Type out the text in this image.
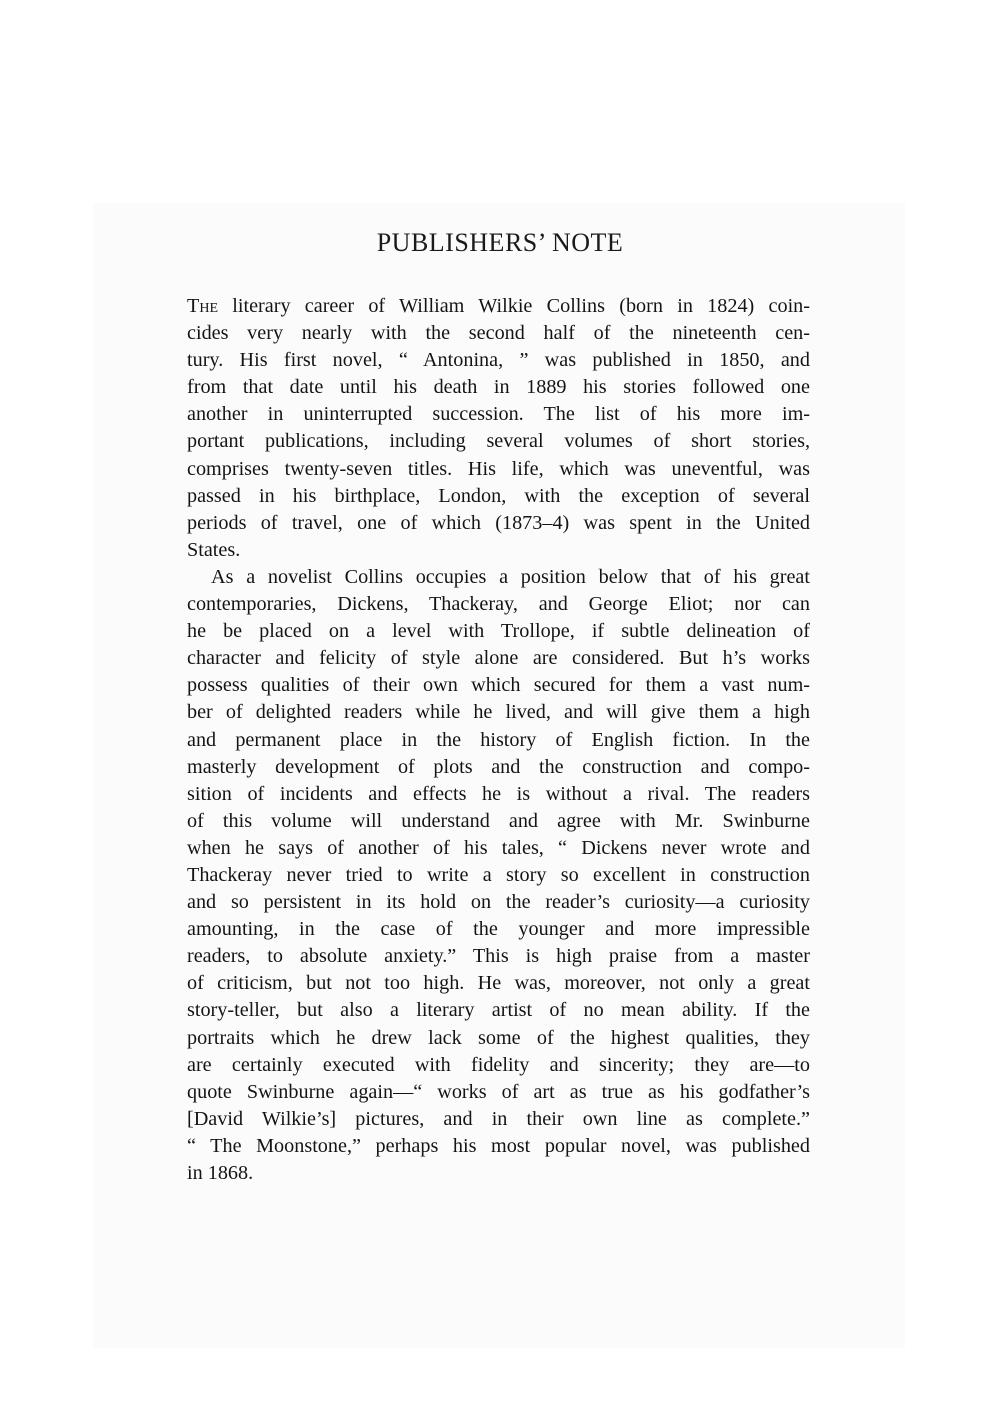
PUBLISHERS’ NOTE
The literary career of William Wilkie Collins (born in 1824) coin-
cides very nearly with the second half of the nineteenth cen-
tury. His first novel, “ Antonina, ” was published in 1850, and
from that date until his death in 1889 his stories followed one
another in uninterrupted succession. The list of his more im-
portant publications, including several volumes of short stories,
comprises twenty-seven titles. His life, which was uneventful, was
passed in his birthplace, London, with the exception of several
periods of travel, one of which (1873–4) was spent in the United
States.
As a novelist Collins occupies a position below that of his great
contemporaries, Dickens, Thackeray, and George Eliot; nor can
he be placed on a level with Trollope, if subtle delineation of
character and felicity of style alone are considered. But h’s works
possess qualities of their own which secured for them a vast num-
ber of delighted readers while he lived, and will give them a high
and permanent place in the history of English fiction. In the
masterly development of plots and the construction and compo-
sition of incidents and effects he is without a rival. The readers
of this volume will understand and agree with Mr. Swinburne
when he says of another of his tales, “ Dickens never wrote and
Thackeray never tried to write a story so excellent in construction
and so persistent in its hold on the reader’s curiosity—a curiosity
amounting, in the case of the younger and more impressible
readers, to absolute anxiety.” This is high praise from a master
of criticism, but not too high. He was, moreover, not only a great
story-teller, but also a literary artist of no mean ability. If the
portraits which he drew lack some of the highest qualities, they
are certainly executed with fidelity and sincerity; they are—to
quote Swinburne again—“ works of art as true as his godfather’s
[David Wilkie’s] pictures, and in their own line as complete.”
“ The Moonstone,” perhaps his most popular novel, was published
in 1868.
